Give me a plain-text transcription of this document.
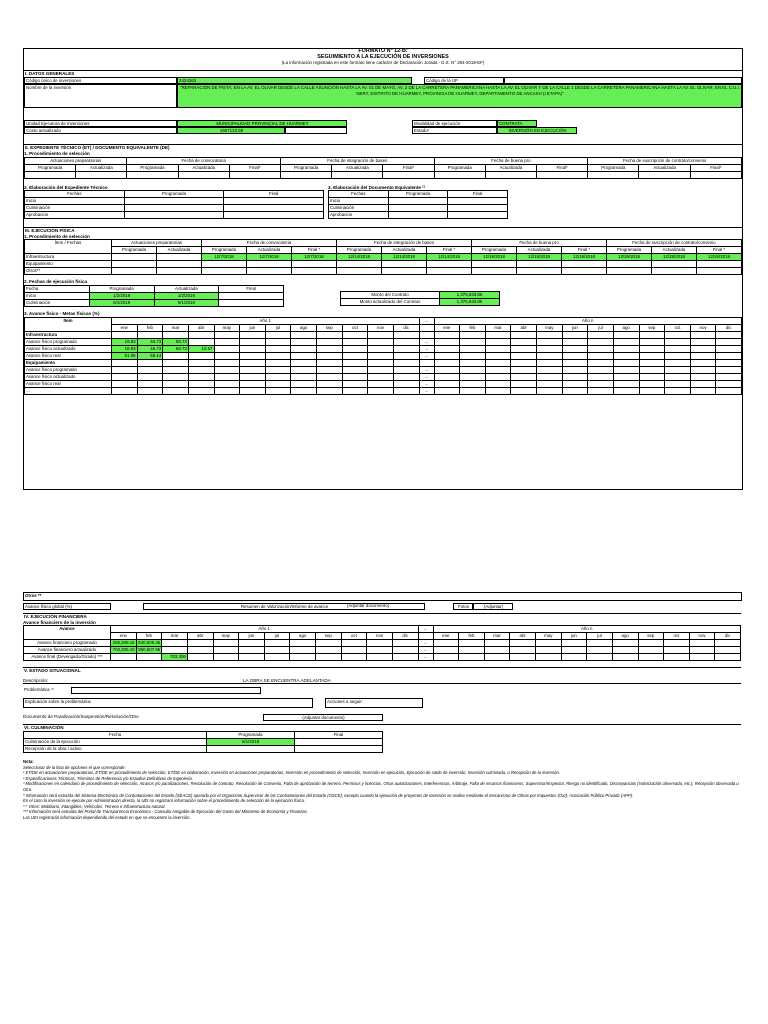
FORMATO N° 12-B:
SEGUIMIENTO A LA EJECUCIÓN DE INVERSIONES
(La información registrada en este formato tiene carácter de Declaración Jurada - D.S. N° 284-2018-EF)
I. DATOS GENERALES
Código único de inversiones	2424363	Código de la UP
Nombre de la inversión	"REPARACIÓN DE PISTA; EN LA AV. EL OLIVAR DESDE LA CALLE ASUNCIÓN HASTA LA AV. 01 DE MAYO, AV. 2 DE LA CARRETERA PANAMERICANA HASTA LA AV. EL OLIVAR Y DE LA CALLE 1 DESDE LA CARRETERA PANAMERICANA HASTA LA AV. EL OLIVAR, EN EL C.U.I. NERY, DISTRITO DE HUARMEY, PROVINCIA DE HUARMEY, DEPARTAMENTO DE ANCASH (I ETAPA)"
Unidad Ejecutora de Inversiones	MUNICIPALIDAD PROVINCIAL DE HUARMEY	Modalidad de ejecución	CONTRATA
Costo actualizado	1667123.59	Estado¹	INVERSIÓN EN EJECUCIÓN
II. EXPEDIENTE TÉCNICO (ET) / DOCUMENTO EQUIVALENTE (DE)
1. Procedimiento de selección
Actuaciones preparatorias		Fecha de convocatoria			Fecha de integración de bases			Fecha de buena pro			Fecha de suscripción de contrato/convenio		
Programada	Actualizada	Programada	Actualizada	Final*	Programada	Actualizada	Final*	Programada	Actualizada	Final*	Programada	Actualizada	Final*

2. Elaboración del Expediente Técnico
Fechas	Programada	Final
Inicio		
Culminación		
Aprobación		
3. Elaboración del Documento Equivalente ²⁾
Fechas	Programada	Final
Inicio		
Culminación		
Aprobación		
III. EJECUCIÓN FÍSICA
1. Procedimiento de selección
Ítem / Fechas	Actuaciones preparatorias		Fecha de convocatoria			Fecha de integración de bases			Fecha de buena pro			Fecha de suscripción de contrato/convenio		
	Programada	Actualizada	Programada	Actualizada	Final *	Programada	Actualizada	Final *	Programada	Actualizada	Final *	Programada	Actualizada	Final *
Infraestructura			12/7/2018	12/7/2018	12/7/2018	12/14/2018	12/14/2018	12/14/2018	12/19/2018	12/19/2018	12/19/2018	12/28/2018	12/28/2018	12/28/2018
Equipamiento														
Otros**														
2. Fechas de ejecución física
Fecha	Programada	Actualizada	Final
Inicio	1/2/2019	1/2/2019	
Culminación	5/1/2019	5/1/2019	
Monto del Contrato	1,376,933.86
Monto actualizado del Contrato	1,376,933.86
3. Avance físico - Metas físicas (%)
Ítem	Año 1												...	Año n											
	ene	feb	mar	abr	may	jun	jul	ago	sep	oct	nov	dic		ene	feb	mar	abr	may	jun	jul	ago	sep	oct	nov	dic
Infraestructura																									
Avance físico programado	18.83	46.73	88.73										...												
Avance físico actualizado	18.83	46.73	88.73	10.57									...												
Avance físico real	51.08	66.14											...												
Equipamiento																									
Avance físico programado													...												
Avance físico actualizado													...												
Avance físico real													...												
...													...												
Otros **
Avance físico global (%)	Resumen de Valorización/Informe de avance	Fotos	(Adjuntar)
(Adjuntar documento)
IV. EJECUCIÓN FINANCIERA
Avance financiero de la inversión
Avance	Año 1												...	Año n											
	ene	feb	mar	abr	may	jun	jul	ago	sep	oct	nov	dic		ene	feb	mar	abr	may	jun	jul	ago	sep	oct	nov	dic
Avance financiero programado	259,308.16	640,505.46											...												
Avance financiero actualizado	703,305.10	950,607.96											...												
Avance final (Devengado/Girado) ***			703.306										...												
V. ESTADO SITUACIONAL
Descripción:	LA OBRA SE ENCUENTRA ADELANTADA
Problemática ⁴⁾
Explicación sobre la problemática:	Acciones a seguir:
Documento de Paralización/Suspensión/Resolución/Otro	(Adjuntar documento)
VI. CULMINACIÓN
Fecha	Programada	Final
Culminación de la ejecución	5/1/2019	
Recepción de la obra / activo		
Nota:
Seleccionar de la lista de opciones el que corresponde:
¹ ET/DE en actuaciones preparatorias, ET/DE en procedimiento de selección, ET/DE en elaboración, Inversión en actuaciones preparatorias, Inversión en procedimiento de selección, Inversión en ejecución, Ejecución de saldo de inversión, Inversión culminada, o Recepción de la inversión.
² Especificaciones Técnicas, Términos de Referencia y/o Estudios Definitivos de Ingeniería.
³ Modificaciones en calendario de procedimiento de selección, Atrasos y/o paralizaciones, Resolución de contrato, Resolución de Convenio, Falta de aprobación de terreno, Permisos y licencias, Otras autorizaciones, Interferencias, Arbitraje, Falta de recursos financieros, Supervisor/Inspector, Riesgo no identificado, Discrepancias (Valorización observada, etc.), Recepción observada u Otro.
* Información será extraída del Sistema Electrónico de Contrataciones del Estado (SEACE) operado por el Organismo Supervisor de las Contrataciones del Estado (OSCE); excepto cuando la ejecución de proyectos de inversión se realice mediante el mecanismo de Obras por Impuestos (OxI), Asociación Público Privada (APP).
En el caso la inversión se ejecute por Administración directa, la UEI no registrará información sobre el procedimiento de selección de la ejecución física.
* * Otros: Mobiliario, Intangibles, Vehículos, Terreno e Infraestructura natural.
*** Información será extraída del Portal de Transparencia Económica - Consulta Amigable de Ejecución del Gasto del Ministerio de Economía y Finanzas.
Las UEI registrarán información dependiendo del estado en que se encuentre la inversión.
